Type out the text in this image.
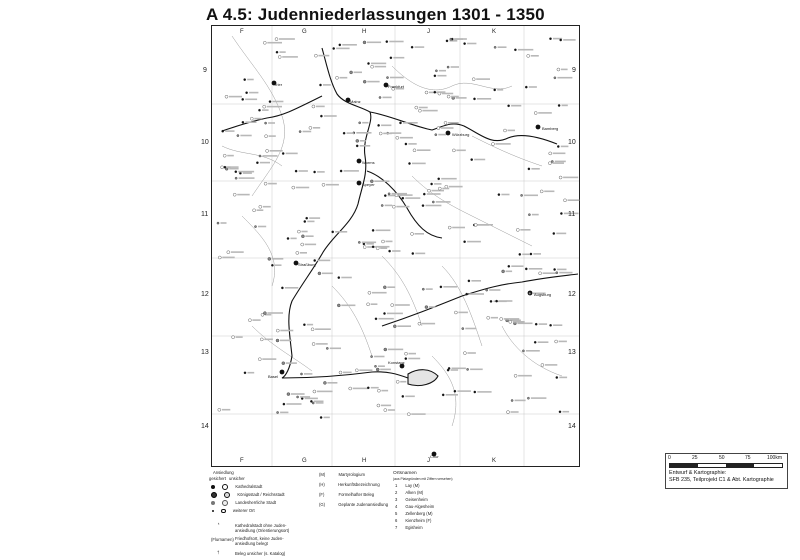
A 4.5: Judenniederlassungen 1301 - 1350
F	G	H	J	K
F	G	H	J	K
9
10
11
12
13
14
9
10
11
12
13
14
Trier
Mainz
Worms
Speyer
Straßburg
Würzburg
Bamberg
Augsburg
Basel
Konstanz
Chur
Frankfurt
0	25	50	75	100km
Entwurf & Kartographie:
SFB 235, Teilprojekt C1 & Abt. Kartographie
Ansiedlung
gesichert unsicher
Kathedralstadt
Königsstadt / Reichsstadt
Landesherrliche Stadt
weiterer Ort
♁	Kathedralstadt ohne Juden-
ansiedlung (Orientierungsort)
(Flurnamen) Friedhofsort, keine Juden-
ansiedlung belegt
†	Beleg unsicher (s. Katalog)
(M)	Martyrologium
(H)	Herkunftsbezeichnung
(F)	Formelhafter Beleg
(G)	Geplante Judenansiedlung
Ortsnamen
(aus Platzgründen mit Ziffern versehen)
1 Lay (M)
2 Alken (M)
3 Geisenheim
4 Gau-Algesheim
5 Zellenberg (M)
6 Kienzheim (F)
7 Egisheim
